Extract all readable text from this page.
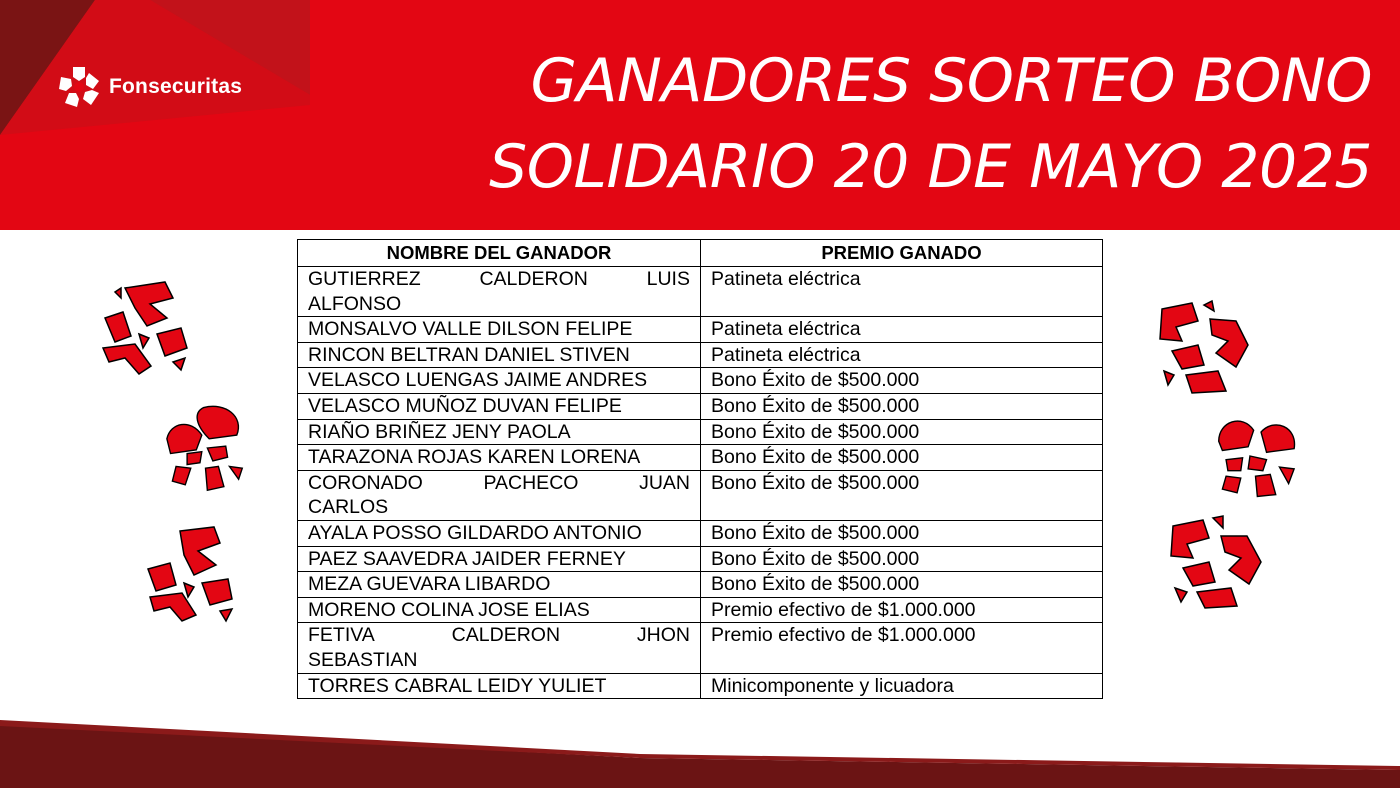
Fonsecuritas	GANADORES SORTEO BONO
SOLIDARIO 20 DE MAYO 2025
NOMBRE DEL GANADOR	PREMIO GANADO

GUTIERREZ CALDERON LUIS
ALFONSO	Patineta eléctrica
MONSALVO VALLE DILSON FELIPE	Patineta eléctrica
RINCON BELTRAN DANIEL STIVEN	Patineta eléctrica
VELASCO LUENGAS JAIME ANDRES	Bono Éxito de $500.000
VELASCO MUÑOZ DUVAN FELIPE	Bono Éxito de $500.000
RIAÑO BRIÑEZ JENY PAOLA	Bono Éxito de $500.000
TARAZONA ROJAS KAREN LORENA	Bono Éxito de $500.000

CORONADO PACHECO JUAN
CARLOS	Bono Éxito de $500.000
AYALA POSSO GILDARDO ANTONIO	Bono Éxito de $500.000
PAEZ SAAVEDRA JAIDER FERNEY	Bono Éxito de $500.000
MEZA GUEVARA LIBARDO	Bono Éxito de $500.000
MORENO COLINA JOSE ELIAS	Premio efectivo de $1.000.000

FETIVA CALDERON JHON
SEBASTIAN	Premio efectivo de $1.000.000
TORRES CABRAL LEIDY YULIET	Minicomponente y licuadora
